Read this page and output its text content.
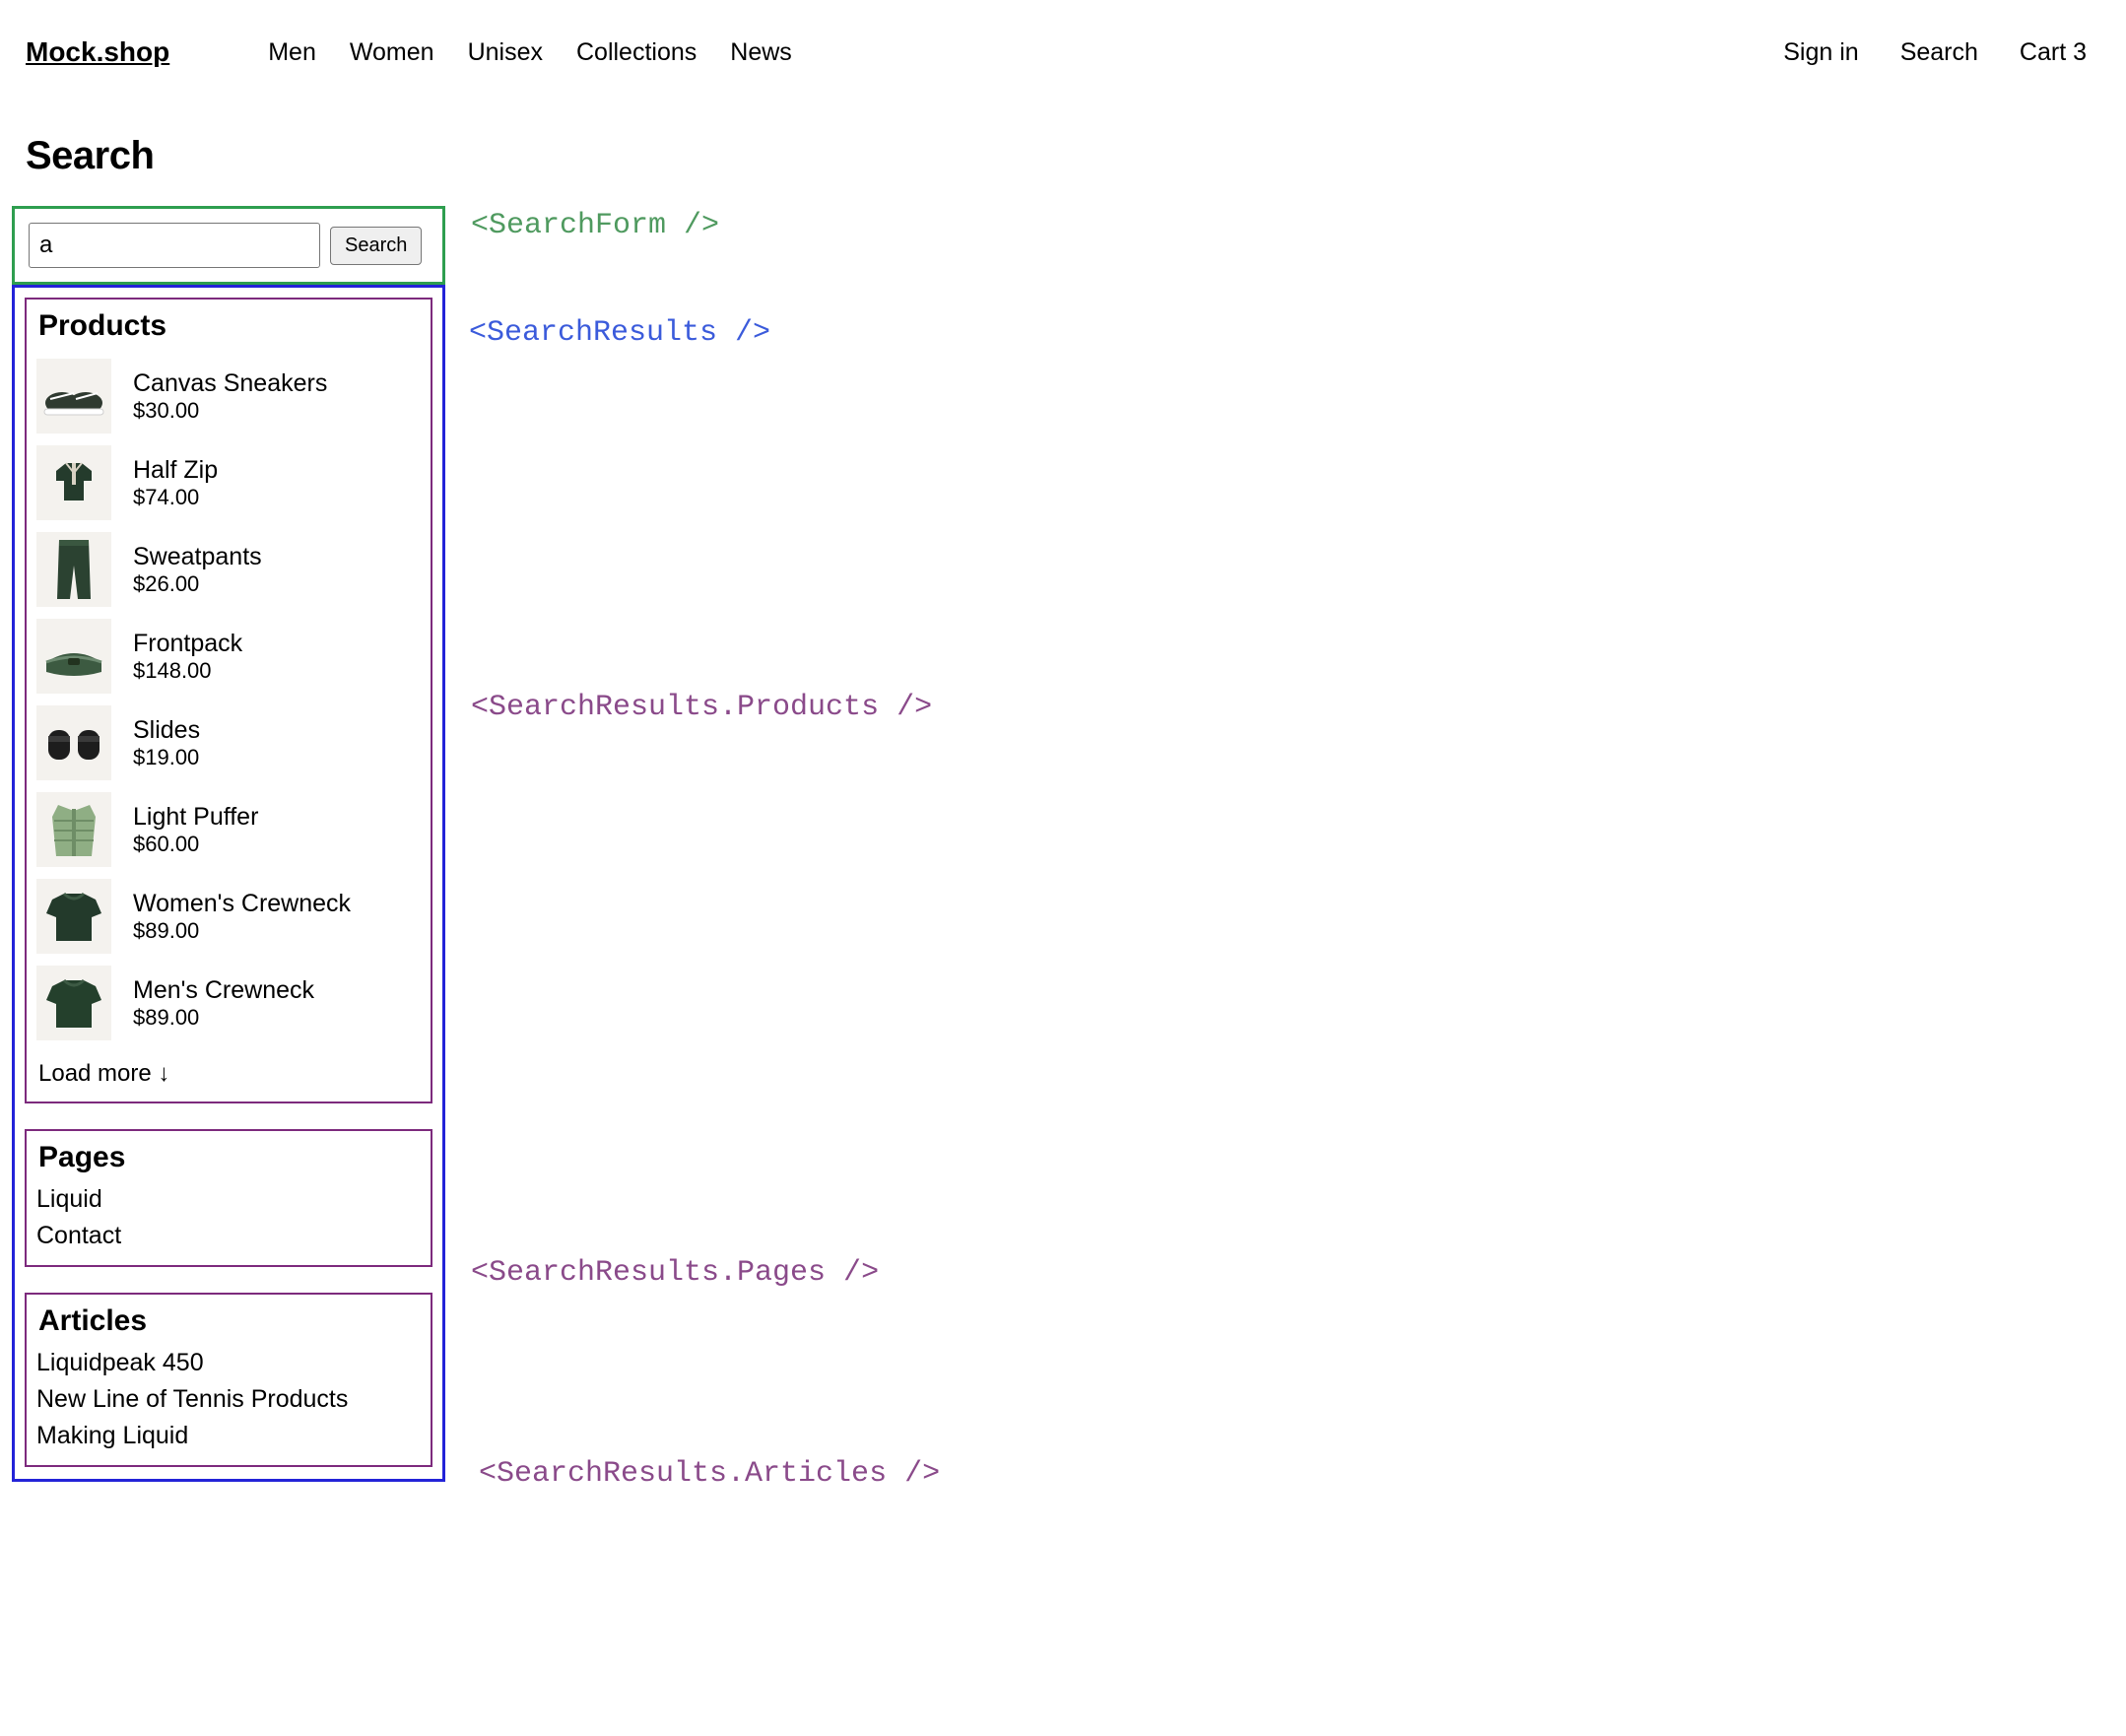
Mock.shop	Men Women Unisex Collections News	Sign in Search Cart 3
Search
a
Search
Products
Canvas Sneakers
$30.00
Half Zip
$74.00
Sweatpants
$26.00
Frontpack
$148.00
Slides
$19.00
Light Puffer
$60.00
Women's Crewneck
$89.00
Men's Crewneck
$89.00
Load more ↓
Pages
Liquid
Contact
Articles
Liquidpeak 450
New Line of Tennis Products
Making Liquid
<SearchForm />
<SearchResults />
<SearchResults.Products />
<SearchResults.Pages />
<SearchResults.Articles />
